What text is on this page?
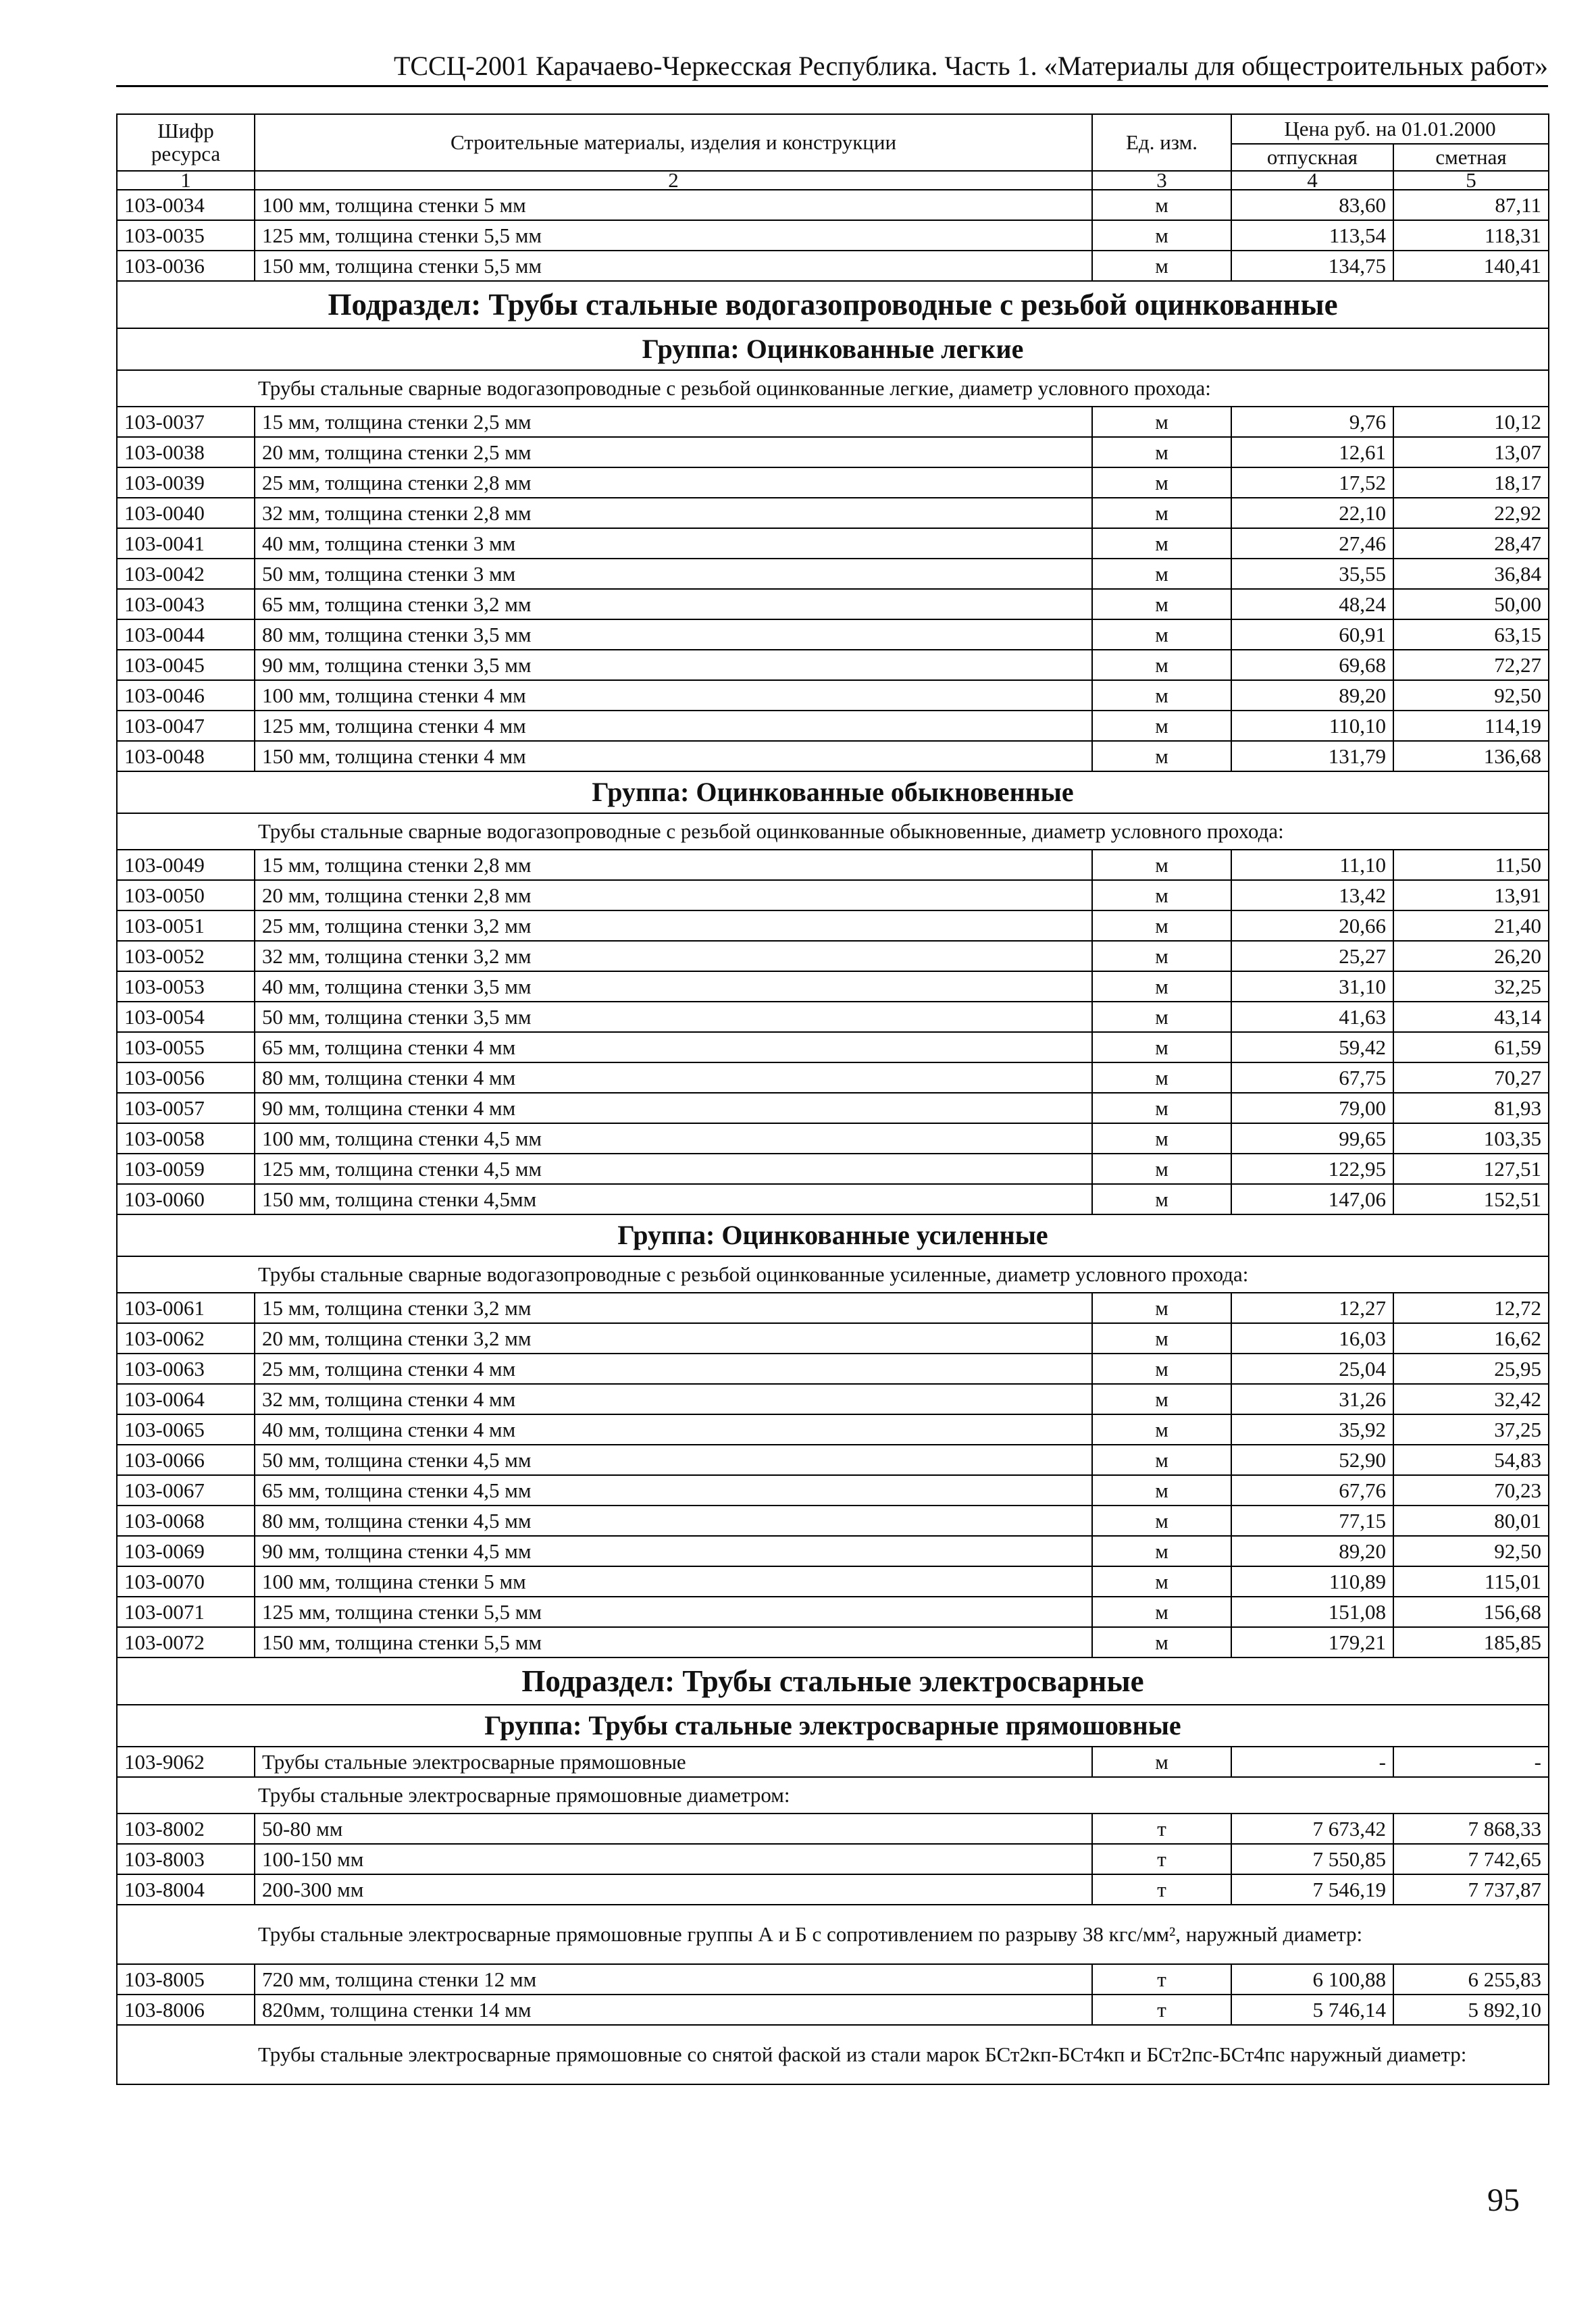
ТССЦ-2001 Карачаево-Черкесская Республика. Часть 1. «Материалы для общестроительных работ»
Шифр ресурса	Строительные материалы, изделия и конструкции	Ед. изм.	Цена руб. на 01.01.2000	
			отпускная	сметная
1	2	3	4	5
103-0034	100 мм, толщина стенки 5 мм	м	83,60	87,11
103-0035	125 мм, толщина стенки 5,5 мм	м	113,54	118,31
103-0036	150 мм, толщина стенки 5,5 мм	м	134,75	140,41
Подраздел: Трубы стальные водогазопроводные с резьбой оцинкованные				
Группа: Оцинкованные легкие				
Трубы стальные сварные водогазопроводные с резьбой оцинкованные легкие, диаметр условного прохода:				
103-0037	15 мм, толщина стенки 2,5 мм	м	9,76	10,12
103-0038	20 мм, толщина стенки 2,5 мм	м	12,61	13,07
103-0039	25 мм, толщина стенки 2,8 мм	м	17,52	18,17
103-0040	32 мм, толщина стенки 2,8 мм	м	22,10	22,92
103-0041	40 мм, толщина стенки 3 мм	м	27,46	28,47
103-0042	50 мм, толщина стенки 3 мм	м	35,55	36,84
103-0043	65 мм, толщина стенки 3,2 мм	м	48,24	50,00
103-0044	80 мм, толщина стенки 3,5 мм	м	60,91	63,15
103-0045	90 мм, толщина стенки 3,5 мм	м	69,68	72,27
103-0046	100 мм, толщина стенки 4 мм	м	89,20	92,50
103-0047	125 мм, толщина стенки 4 мм	м	110,10	114,19
103-0048	150 мм, толщина стенки 4 мм	м	131,79	136,68
Группа: Оцинкованные обыкновенные				
Трубы стальные сварные водогазопроводные с резьбой оцинкованные обыкновенные, диаметр условного прохода:				
103-0049	15 мм, толщина стенки 2,8 мм	м	11,10	11,50
103-0050	20 мм, толщина стенки 2,8 мм	м	13,42	13,91
103-0051	25 мм, толщина стенки 3,2 мм	м	20,66	21,40
103-0052	32 мм, толщина стенки 3,2 мм	м	25,27	26,20
103-0053	40 мм, толщина стенки 3,5 мм	м	31,10	32,25
103-0054	50 мм, толщина стенки 3,5 мм	м	41,63	43,14
103-0055	65 мм, толщина стенки 4 мм	м	59,42	61,59
103-0056	80 мм, толщина стенки 4 мм	м	67,75	70,27
103-0057	90 мм, толщина стенки 4 мм	м	79,00	81,93
103-0058	100 мм, толщина стенки 4,5 мм	м	99,65	103,35
103-0059	125 мм, толщина стенки 4,5 мм	м	122,95	127,51
103-0060	150 мм, толщина стенки 4,5мм	м	147,06	152,51
Группа: Оцинкованные усиленные				
Трубы стальные сварные водогазопроводные с резьбой оцинкованные усиленные, диаметр условного прохода:				
103-0061	15 мм, толщина стенки 3,2 мм	м	12,27	12,72
103-0062	20 мм, толщина стенки 3,2 мм	м	16,03	16,62
103-0063	25 мм, толщина стенки 4 мм	м	25,04	25,95
103-0064	32 мм, толщина стенки 4 мм	м	31,26	32,42
103-0065	40 мм, толщина стенки 4 мм	м	35,92	37,25
103-0066	50 мм, толщина стенки 4,5 мм	м	52,90	54,83
103-0067	65 мм, толщина стенки 4,5 мм	м	67,76	70,23
103-0068	80 мм, толщина стенки 4,5 мм	м	77,15	80,01
103-0069	90 мм, толщина стенки 4,5 мм	м	89,20	92,50
103-0070	100 мм, толщина стенки 5 мм	м	110,89	115,01
103-0071	125 мм, толщина стенки 5,5 мм	м	151,08	156,68
103-0072	150 мм, толщина стенки 5,5 мм	м	179,21	185,85
Подраздел: Трубы стальные электросварные				
Группа: Трубы стальные электросварные прямошовные				
103-9062	Трубы стальные электросварные прямошовные	м	-	-
Трубы стальные электросварные прямошовные диаметром:				
103-8002	50-80 мм	т	7 673,42	7 868,33
103-8003	100-150 мм	т	7 550,85	7 742,65
103-8004	200-300 мм	т	7 546,19	7 737,87
Трубы стальные электросварные прямошовные группы А и Б с сопротивлением по разрыву 38 кгс/мм², наружный диаметр:				
103-8005	720 мм, толщина стенки 12 мм	т	6 100,88	6 255,83
103-8006	820мм, толщина стенки 14 мм	т	5 746,14	5 892,10
Трубы стальные электросварные прямошовные со снятой фаской из стали марок БСт2кп-БСт4кп и БСт2пс-БСт4пс наружный диаметр:				
95
